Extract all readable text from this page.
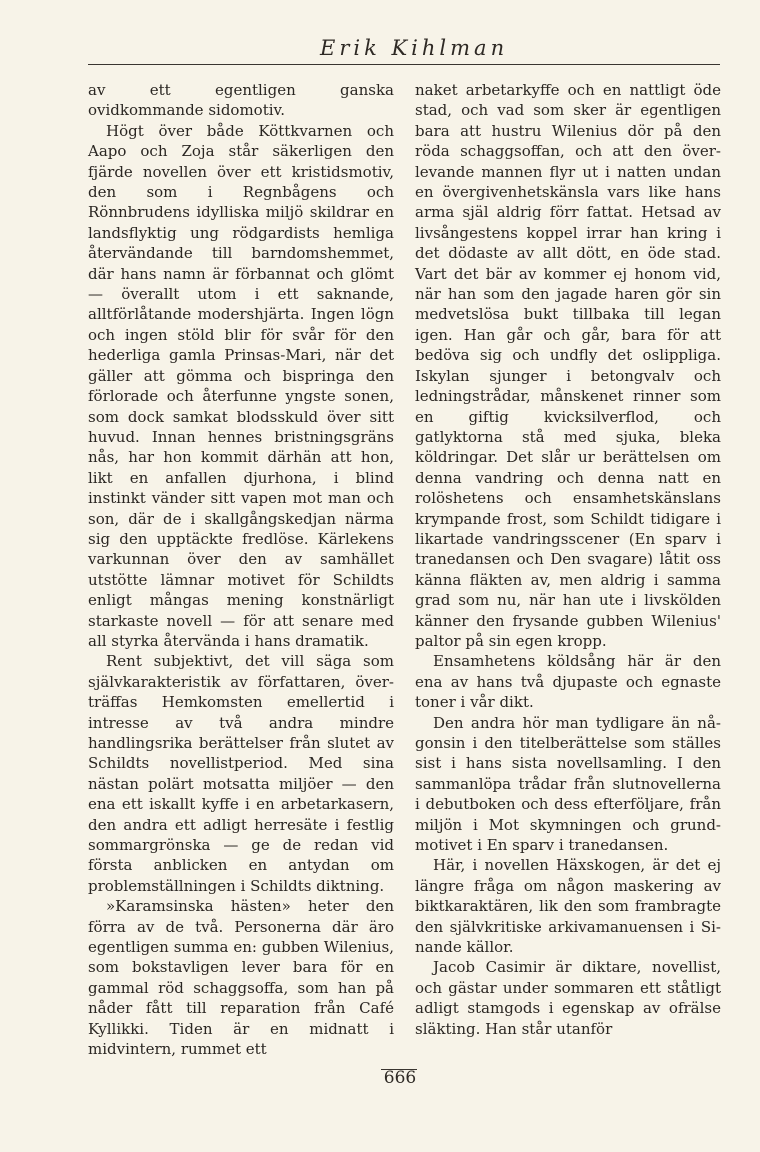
Erik Kihlman

av ett egentligen ganska ovidkommande sidomotiv.

Högt över både Köttkvarnen och Aapo och Zoja står säkerligen den fjärde novellen över ett kristidsmotiv, den som i Regnbågens och Rönnbrudens idylliska miljö skildrar en landsflyktig ung rödgardists hemliga återvändande till barndomshemmet, där hans namn är förbannat och glömt — överallt utom i ett saknande, alltförlåtande modershjärta. Ingen lögn och ingen stöld blir för svår för den hederliga gamla Prinsas-Mari, när det gäller att gömma och bispringa den förlorade och återfunne yngste sonen, som dock samkat blodsskuld över sitt huvud. Innan hennes bristningsgräns nås, har hon kommit därhän att hon, likt en anfallen djurhona, i blind instinkt vänder sitt vapen mot man och son, där de i skallgångskedjan närma sig den upptäckte fredlöse. Kärlekens varkunnan över den av samhället utstötte lämnar motivet för Schildts enligt mångas mening konstnärligt starkaste novell — för att senare med all styrka återvända i hans dramatik.

Rent subjektivt, det vill säga som självkarakteristik av författaren, överträffas Hemkomsten emellertid i intresse av två andra mindre handlingsrika berättelser från slutet av Schildts novellistperiod. Med sina nästan polärt motsatta miljöer — den ena ett iskallt kyffe i en arbetarkasern, den andra ett adligt herresäte i festlig sommargrönska — ge de redan vid första anblicken en antydan om problemställningen i Schildts diktning.

»Karamsinska hästen» heter den förra av de två. Personerna där äro egentligen summa en: gubben Wilenius, som bokstavligen lever bara för en gammal röd schaggsoffa, som han på nåder fått till reparation från Café Kyllikki. Tiden är en midnatt i midvintern, rummet ett

naket arbetarkyffe och en nattligt öde stad, och vad som sker är egentligen bara att hustru Wilenius dör på den röda schaggsoffan, och att den överlevande mannen flyr ut i natten undan en övergivenhetskänsla vars like hans arma själ aldrig förr fattat. Hetsad av livsångestens koppel irrar han kring i det dödaste av allt dött, en öde stad. Vart det bär av kommer ej honom vid, när han som den jagade haren gör sin medvetslösa bukt tillbaka till legan igen. Han går och går, bara för att bedöva sig och undfly det oslippliga. Iskylan sjunger i betongvalv och ledningstrådar, månskenet rinner som en giftig kvicksilverflod, och gatlyktorna stå med sjuka, bleka köldringar. Det slår ur berättelsen om denna vandring och denna natt en rolöshetens och ensamhetskänslans krympande frost, som Schildt tidigare i likartade vandringsscener (En sparv i tranedansen och Den svagare) låtit oss känna fläkten av, men aldrig i samma grad som nu, när han ute i livskölden känner den frysande gubben Wilenius' paltor på sin egen kropp.

Ensamhetens köldsång här är den ena av hans två djupaste och egnaste toner i vår dikt.

Den andra hör man tydligare än någonsin i den titelberättelse som ställes sist i hans sista novellsamling. I den sammanlöpa trådar från slutnovellerna i debutboken och dess efterföljare, från miljön i Mot skymningen och grundmotivet i En sparv i tranedansen.

Här, i novellen Häxskogen, är det ej längre fråga om någon maskering av biktkaraktären, lik den som frambragte den självkritiske arkivamanuensen i Sinande källor.

Jacob Casimir är diktare, novellist, och gästar under sommaren ett ståtligt adligt stamgods i egenskap av ofrälse släkting. Han står utanför

666
